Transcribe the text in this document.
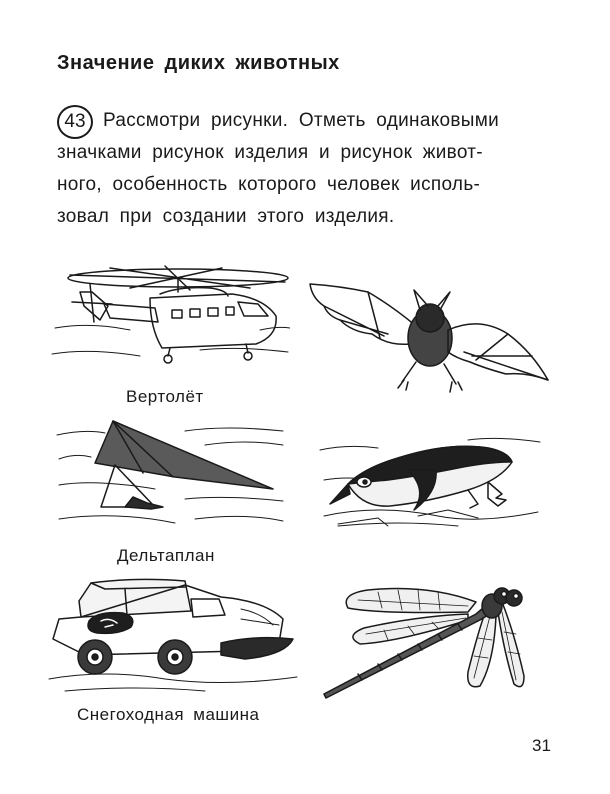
Значение диких животных
43 Рассмотри рисунки. Отметь одинаковыми
значками рисунок изделия и рисунок живот-
ного, особенность которого человек исполь-
зовал при создании этого изделия.

Вертолёт
Дельтаплан
Снегоходная машина
31
